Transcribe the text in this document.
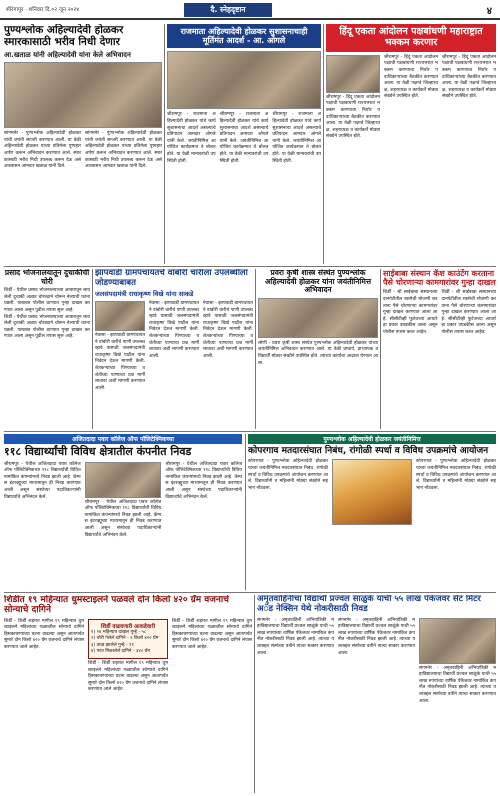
शीरंगापूर · शनिवार दि.०२ जून २०२४	दै. स्नेहदृष्टान	४
पुण्यश्लोक अहिल्यादेवी होळकर स्मारकासाठी भरीव निधी देणार
आ.खताळ यांनी अहिल्यादेवी यांना केले अभिवादन
सांगमनेर - पुण्यश्लोक अहिल्यादेवी होळकर यांची जयंती साजरी करण्यात आली. या वेळी अहिल्यादेवी होळकर यांच्या प्रतिमेला पुष्पहार अर्पण करून अभिवादन करण्यात आले. स्मारकासाठी भरीव निधी उपलब्ध करून देऊ असे आश्वासन आमदार खताळ यांनी दिले.
सांगमनेर - पुण्यश्लोक अहिल्यादेवी होळकर यांची जयंती साजरी करण्यात आली. या वेळी अहिल्यादेवी होळकर यांच्या प्रतिमेला पुष्पहार अर्पण करून अभिवादन करण्यात आले. स्मारकासाठी भरीव निधी उपलब्ध करून देऊ असे आश्वासन आमदार खताळ यांनी दिले.
राजमाता अहिल्यादेवी होळकर सुशासनाचाही मूर्तिमंत आदर्श - आ. ओगले
श्रीरामपूर - राजमाता अहिल्यादेवी होळकर यांचे कार्य सुशासनाचा आदर्श असल्याचे प्रतिपादन आमदार ओगले यांनी केले. जयंतीनिमित्त आयोजित कार्यक्रमात ते बोलत होते. या वेळी मान्यवरांची उपस्थिती होती.
श्रीरामपूर - राजमाता अहिल्यादेवी होळकर यांचे कार्य सुशासनाचा आदर्श असल्याचे प्रतिपादन आमदार ओगले यांनी केले. जयंतीनिमित्त आयोजित कार्यक्रमात ते बोलत होते. या वेळी मान्यवरांची उपस्थिती होती.
श्रीरामपूर - राजमाता अहिल्यादेवी होळकर यांचे कार्य सुशासनाचा आदर्श असल्याचे प्रतिपादन आमदार ओगले यांनी केले. जयंतीनिमित्त आयोजित कार्यक्रमात ते बोलत होते. या वेळी मान्यवरांची उपस्थिती होती.
हिंदू एकता आंदोलन पक्षबांधणी महाराष्ट्रात भक्कम करणार
श्रीरामपूर - हिंदू एकता आंदोलन पक्षाची पक्षबांधणी राज्यभरात भक्कम करण्याचा निर्धार पदाधिकाऱ्यांच्या बैठकीत करण्यात आला. या वेळी पक्षाचे जिल्हाध्यक्ष, शहराध्यक्ष व कार्यकर्ते मोठ्या संख्येने उपस्थित होते.
श्रीरामपूर - हिंदू एकता आंदोलन पक्षाची पक्षबांधणी राज्यभरात भक्कम करण्याचा निर्धार पदाधिकाऱ्यांच्या बैठकीत करण्यात आला. या वेळी पक्षाचे जिल्हाध्यक्ष, शहराध्यक्ष व कार्यकर्ते मोठ्या संख्येने उपस्थित होते.
श्रीरामपूर - हिंदू एकता आंदोलन पक्षाची पक्षबांधणी राज्यभरात भक्कम करण्याचा निर्धार पदाधिकाऱ्यांच्या बैठकीत करण्यात आला. या वेळी पक्षाचे जिल्हाध्यक्ष, शहराध्यक्ष व कार्यकर्ते मोठ्या संख्येने उपस्थित होते.
प्रसाद भोजनालयातून दुचाकीची चोरी
शिर्डी - येथील प्रसाद भोजनालयाच्या आवारातून लावलेली दुचाकी अज्ञात चोरट्याने चोरून नेल्याची घटना घडली. याबाबत पोलीस ठाण्यात गुन्हा दाखल करण्यात आला असून पुढील तपास सुरू आहे.
शिर्डी - येथील प्रसाद भोजनालयाच्या आवारातून लावलेली दुचाकी अज्ञात चोरट्याने चोरून नेल्याची घटना घडली. याबाबत पोलीस ठाण्यात गुन्हा दाखल करण्यात आला असून पुढील तपास सुरू आहे.
झापवाडी ग्रामपंचायतचे वांबोरी चारीला उपलब्धीला जोडण्याबाबत
जलसंपदामंत्री राधाकृष्ण विखे यांना साकडे
नेवासा - झापवाडी ग्रामपंचायतने वांबोरी चारीचे पाणी उपलब्ध व्हावे यासाठी जलसंपदामंत्री राधाकृष्ण विखे पाटील यांना निवेदन देऊन मागणी केली. शेतकऱ्यांच्या पिण्याच्या व शेतीच्या पाण्याचा प्रश्न मार्गी लावावा अशी मागणी करण्यात आली.
नेवासा - झापवाडी ग्रामपंचायतने वांबोरी चारीचे पाणी उपलब्ध व्हावे यासाठी जलसंपदामंत्री राधाकृष्ण विखे पाटील यांना निवेदन देऊन मागणी केली. शेतकऱ्यांच्या पिण्याच्या व शेतीच्या पाण्याचा प्रश्न मार्गी लावावा अशी मागणी करण्यात आली.
नेवासा - झापवाडी ग्रामपंचायतने वांबोरी चारीचे पाणी उपलब्ध व्हावे यासाठी जलसंपदामंत्री राधाकृष्ण विखे पाटील यांना निवेदन देऊन मागणी केली. शेतकऱ्यांच्या पिण्याच्या व शेतीच्या पाण्याचा प्रश्न मार्गी लावावा अशी मागणी करण्यात आली.
प्रवरा कृषी शास्त्र संस्थेत पुण्यश्लोक अहिल्यादेवी होळकर यांना जयंतीनिमित्त अभिवादन
लोणी - प्रवरा कृषी शास्त्र संस्थेत पुण्यश्लोक अहिल्यादेवी होळकर यांच्या जयंतीनिमित्त अभिवादन करण्यात आले. या वेळी प्राचार्य, प्राध्यापक व विद्यार्थी मोठ्या संख्येने उपस्थित होते. त्यांच्या कार्याचा आढावा घेण्यात आला.
साईबाबा संस्थान कॅश काउंटेंग करताना पैसे चोरणाऱ्या कामगारांवर गुन्हा दाखल
शिर्डी - श्री साईबाबा संस्थानच्या दानपेटीतील रकमेची मोजणी करताना पैसे चोरणाऱ्या कामगारांवर गुन्हा दाखल करण्यात आला आहे. सीसीटीव्ही फुटेजच्या आधारे हा प्रकार उघडकीस आला असून पोलीस तपास करत आहेत.
शिर्डी - श्री साईबाबा संस्थानच्या दानपेटीतील रकमेची मोजणी करताना पैसे चोरणाऱ्या कामगारांवर गुन्हा दाखल करण्यात आला आहे. सीसीटीव्ही फुटेजच्या आधारे हा प्रकार उघडकीस आला असून पोलीस तपास करत आहेत.
अजितदादा पवार कॉलेज ऑफ पॉलिटेक्निकच्या
११८ विद्यार्थ्यांची विविध क्षेत्रातील कंपनीत निवड
श्रीरामपूर - येथील अजितदादा पवार कॉलेज ऑफ पॉलिटेक्निकच्या ११८ विद्यार्थ्यांची विविध नामांकित कंपन्यांमध्ये निवड झाली आहे. कॅम्पस इंटरव्ह्यूच्या माध्यमातून ही निवड करण्यात आली असून संस्थेच्या पदाधिकाऱ्यांनी विद्यार्थ्यांचे अभिनंदन केले.
श्रीरामपूर - येथील अजितदादा पवार कॉलेज ऑफ पॉलिटेक्निकच्या ११८ विद्यार्थ्यांची विविध नामांकित कंपन्यांमध्ये निवड झाली आहे. कॅम्पस इंटरव्ह्यूच्या माध्यमातून ही निवड करण्यात आली असून संस्थेच्या पदाधिकाऱ्यांनी विद्यार्थ्यांचे अभिनंदन केले.
श्रीरामपूर - येथील अजितदादा पवार कॉलेज ऑफ पॉलिटेक्निकच्या ११८ विद्यार्थ्यांची विविध नामांकित कंपन्यांमध्ये निवड झाली आहे. कॅम्पस इंटरव्ह्यूच्या माध्यमातून ही निवड करण्यात आली असून संस्थेच्या पदाधिकाऱ्यांनी विद्यार्थ्यांचे अभिनंदन केले.
पुण्यश्लोक अहिल्यादेवी होळकर जयंतीनिमित्त
कोपरगाव मतदारसंघात निबंध, रांगोळी स्पर्धा व विविध उपक्रमांचे आयोजन
कोपरगाव - पुण्यश्लोक अहिल्यादेवी होळकर यांच्या जयंतीनिमित्त मतदारसंघात निबंध, रांगोळी स्पर्धा व विविध उपक्रमांचे आयोजन करण्यात आले. विद्यार्थ्यांनी व महिलांनी मोठ्या संख्येने सहभाग नोंदवला.
कोपरगाव - पुण्यश्लोक अहिल्यादेवी होळकर यांच्या जयंतीनिमित्त मतदारसंघात निबंध, रांगोळी स्पर्धा व विविध उपक्रमांचे आयोजन करण्यात आले. विद्यार्थ्यांनी व महिलांनी मोठ्या संख्येने सहभाग नोंदवला.
शिर्डीत १९ महिन्यात धुमस्टाइलने पळवले दोन किलो ४२० ग्रॅम वजनाचे सोन्याचे दागिने
शिर्डी - शिर्डी शहरात मागील १९ महिन्यात धुमस्टाइलने महिलांच्या गळ्यातील सोन्याचे दागिने हिसकावण्याच्या घटना वाढल्या असून आतापर्यंत सुमारे दोन किलो ४२० ग्रॅम वजनाचे दागिने लंपास करण्यात आले आहेत.
शिर्डी वाढवणारी आकडेवारी
१) २४ महिन्यात दाखल गुन्हे - ५८
२) चोरी गेलेले दागिने - २ किलो ४२० ग्रॅम
३) उघड झालेले गुन्हे - ११
४) परत मिळालेले दागिने - ३४० ग्रॅम
शिर्डी - शिर्डी शहरात मागील १९ महिन्यात धुमस्टाइलने महिलांच्या गळ्यातील सोन्याचे दागिने हिसकावण्याच्या घटना वाढल्या असून आतापर्यंत सुमारे दोन किलो ४२० ग्रॅम वजनाचे दागिने लंपास करण्यात आले आहेत.
शिर्डी - शिर्डी शहरात मागील १९ महिन्यात धुमस्टाइलने महिलांच्या गळ्यातील सोन्याचे दागिने हिसकावण्याच्या घटना वाढल्या असून आतापर्यंत सुमारे दोन किलो ४२० ग्रॅम वजनाचे दागिने लंपास करण्यात आले आहेत.
अमृतवाहिनीचा विद्यार्थी प्रज्वल साळुंके यांची ५५ लाख पॅकेजवर सेंट मिटर अॅड नेक्सिन येथे नोकरीसाठी निवड
संगमनेर - अमृतवाहिनी अभियांत्रिकी महाविद्यालयाचा विद्यार्थी प्रज्वल साळुंके याची ५५ लाख रुपयांच्या वार्षिक पॅकेजवर नामांकित कंपनीत नोकरीसाठी निवड झाली आहे. त्याच्या यशाबद्दल संस्थेच्या वतीने त्याचा सत्कार करण्यात आला.
संगमनेर - अमृतवाहिनी अभियांत्रिकी महाविद्यालयाचा विद्यार्थी प्रज्वल साळुंके याची ५५ लाख रुपयांच्या वार्षिक पॅकेजवर नामांकित कंपनीत नोकरीसाठी निवड झाली आहे. त्याच्या यशाबद्दल संस्थेच्या वतीने त्याचा सत्कार करण्यात आला.
संगमनेर - अमृतवाहिनी अभियांत्रिकी महाविद्यालयाचा विद्यार्थी प्रज्वल साळुंके याची ५५ लाख रुपयांच्या वार्षिक पॅकेजवर नामांकित कंपनीत नोकरीसाठी निवड झाली आहे. त्याच्या यशाबद्दल संस्थेच्या वतीने त्याचा सत्कार करण्यात आला.
